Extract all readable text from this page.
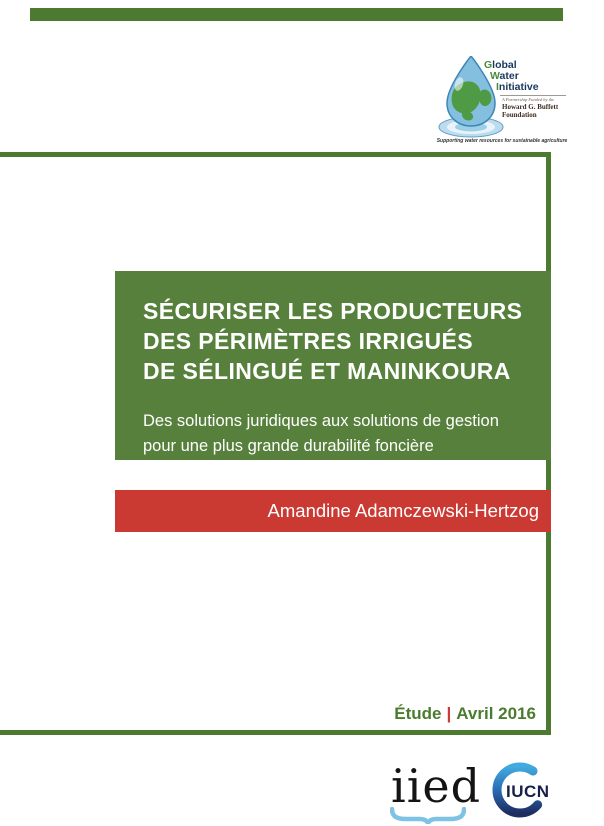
Global
Water
Initiative
A Partnership Funded by the
Howard G. Buffett
Foundation
Supporting water resources for sustainable agriculture
SÉCURISER LES PRODUCTEURS
DES PÉRIMÈTRES IRRIGUÉS
DE SÉLINGUÉ ET MANINKOURA
Des solutions juridiques aux solutions de gestion
pour une plus grande durabilité foncière
Amandine Adamczewski-Hertzog
Étude | Avril 2016
iied IUCN
